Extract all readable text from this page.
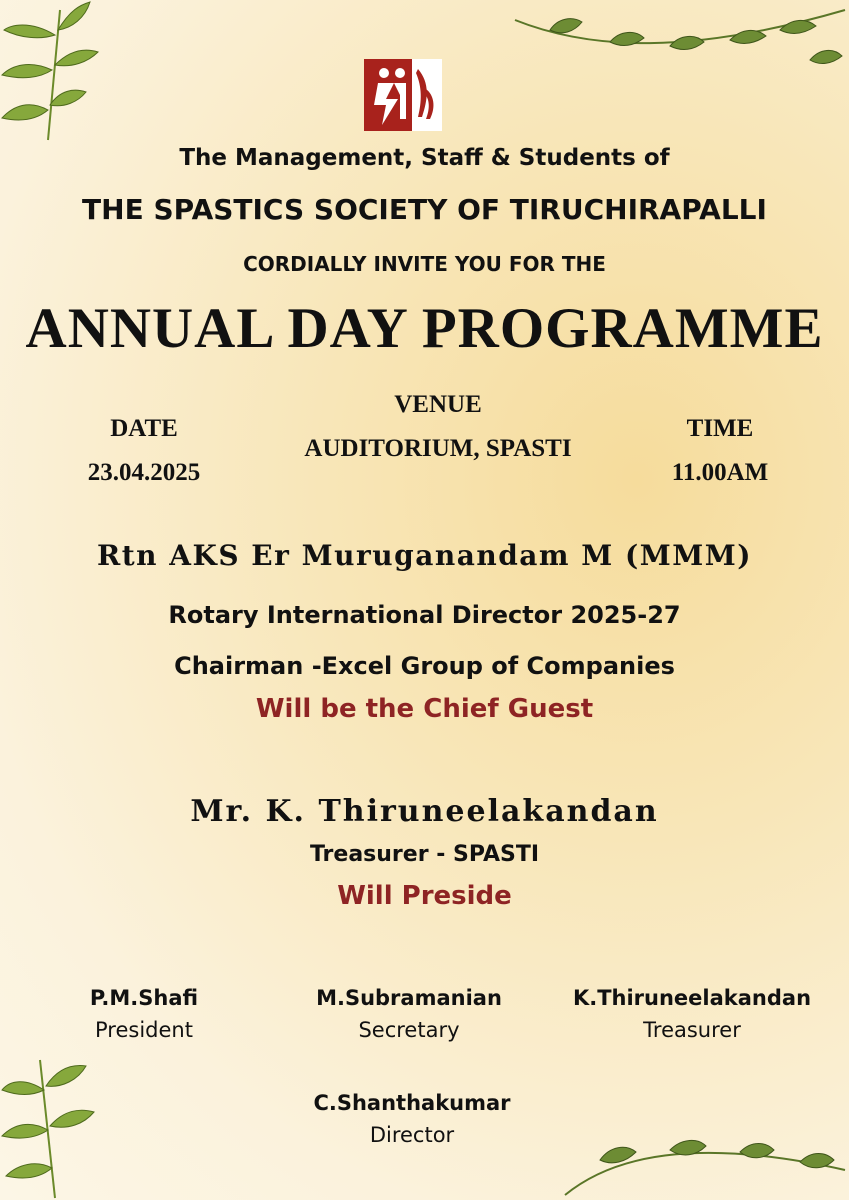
The Management, Staff & Students of
THE SPASTICS SOCIETY OF TIRUCHIRAPALLI
CORDIALLY INVITE YOU FOR THE
ANNUAL DAY PROGRAMME
DATE
23.04.2025
VENUE
AUDITORIUM, SPASTI
TIME
11.00AM
Rtn AKS Er Muruganandam M (MMM)
Rotary International Director 2025-27
Chairman -Excel Group of Companies
Will be the Chief Guest
Mr. K. Thiruneelakandan
Treasurer - SPASTI
Will Preside
P.M.Shafi
President
M.Subramanian
Secretary
K.Thiruneelakandan
Treasurer
C.Shanthakumar
Director
